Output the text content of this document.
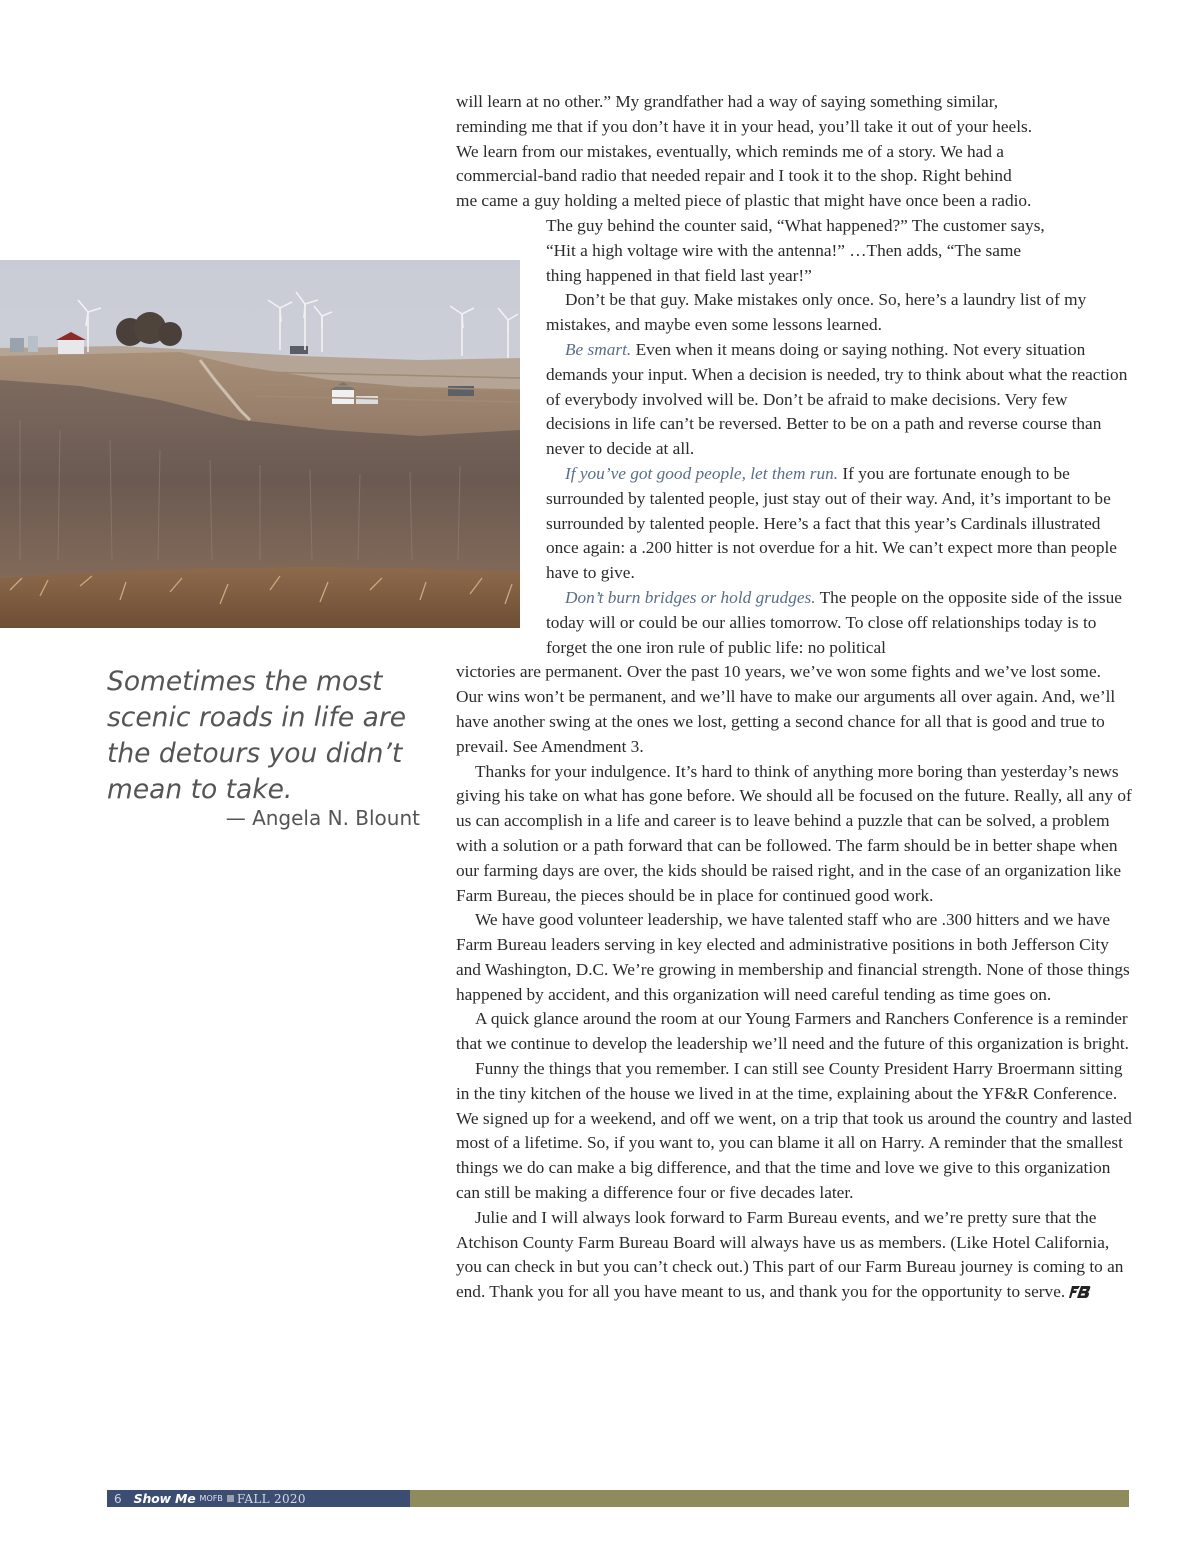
will learn at no other.” My grandfather had a way of saying something similar,

reminding me that if you don’t have it in your head, you’ll take it out of your heels.

We learn from our mistakes, eventually, which reminds me of a story. We had a

commercial-band radio that needed repair and I took it to the shop. Right behind

me came a guy holding a melted piece of plastic that might have once been a radio.

The guy behind the counter said, “What happened?” The customer says,

“Hit a high voltage wire with the antenna!” …Then adds, “The same

thing happened in that field last year!”

Don’t be that guy. Make mistakes only once. So, here’s a laundry list of my mistakes, and maybe even some lessons learned.

Be smart. Even when it means doing or saying nothing. Not every situation demands your input. When a decision is needed, try to think about what the reaction of everybody involved will be. Don’t be afraid to make decisions. Very few decisions in life can’t be reversed. Better to be on a path and reverse course than never to decide at all.

If you’ve got good people, let them run. If you are fortunate enough to be surrounded by talented people, just stay out of their way. And, it’s important to be surrounded by talented people. Here’s a fact that this year’s Cardinals illustrated once again: a .200 hitter is not overdue for a hit. We can’t expect more than people have to give.

Don’t burn bridges or hold grudges. The people on the opposite side of the issue today will or could be our allies tomorrow. To close off relationships today is to forget the one iron rule of public life: no political

victories are permanent. Over the past 10 years, we’ve won some fights and we’ve lost some. Our wins won’t be permanent, and we’ll have to make our arguments all over again. And, we’ll have another swing at the ones we lost, getting a second chance for all that is good and true to prevail. See Amendment 3.

Thanks for your indulgence. It’s hard to think of anything more boring than yesterday’s news giving his take on what has gone before. We should all be focused on the future. Really, all any of us can accomplish in a life and career is to leave behind a puzzle that can be solved, a problem with a solution or a path forward that can be followed. The farm should be in better shape when our farming days are over, the kids should be raised right, and in the case of an organization like Farm Bureau, the pieces should be in place for continued good work.

We have good volunteer leadership, we have talented staff who are .300 hitters and we have Farm Bureau leaders serving in key elected and administrative positions in both Jefferson City and Washington, D.C. We’re growing in membership and financial strength. None of those things happened by accident, and this organization will need careful tending as time goes on.

A quick glance around the room at our Young Farmers and Ranchers Conference is a reminder that we continue to develop the leadership we’ll need and the future of this organization is bright.

Funny the things that you remember. I can still see County President Harry Broermann sitting in the tiny kitchen of the house we lived in at the time, explaining about the YF&R Conference. We signed up for a weekend, and off we went, on a trip that took us around the country and lasted most of a lifetime. So, if you want to, you can blame it all on Harry. A reminder that the smallest things we do can make a big difference, and that the time and love we give to this organization can still be making a difference four or five decades later.

Julie and I will always look forward to Farm Bureau events, and we’re pretty sure that the Atchison County Farm Bureau Board will always have us as members. (Like Hotel California, you can check in but you can’t check out.) This part of our Farm Bureau journey is coming to an end. Thank you for all you have meant to us, and thank you for the opportunity to serve.

Sometimes the most scenic roads in life are the detours you didn’t mean to take.
— Angela N. Blount
6 Show Me MOFB FALL 2020
